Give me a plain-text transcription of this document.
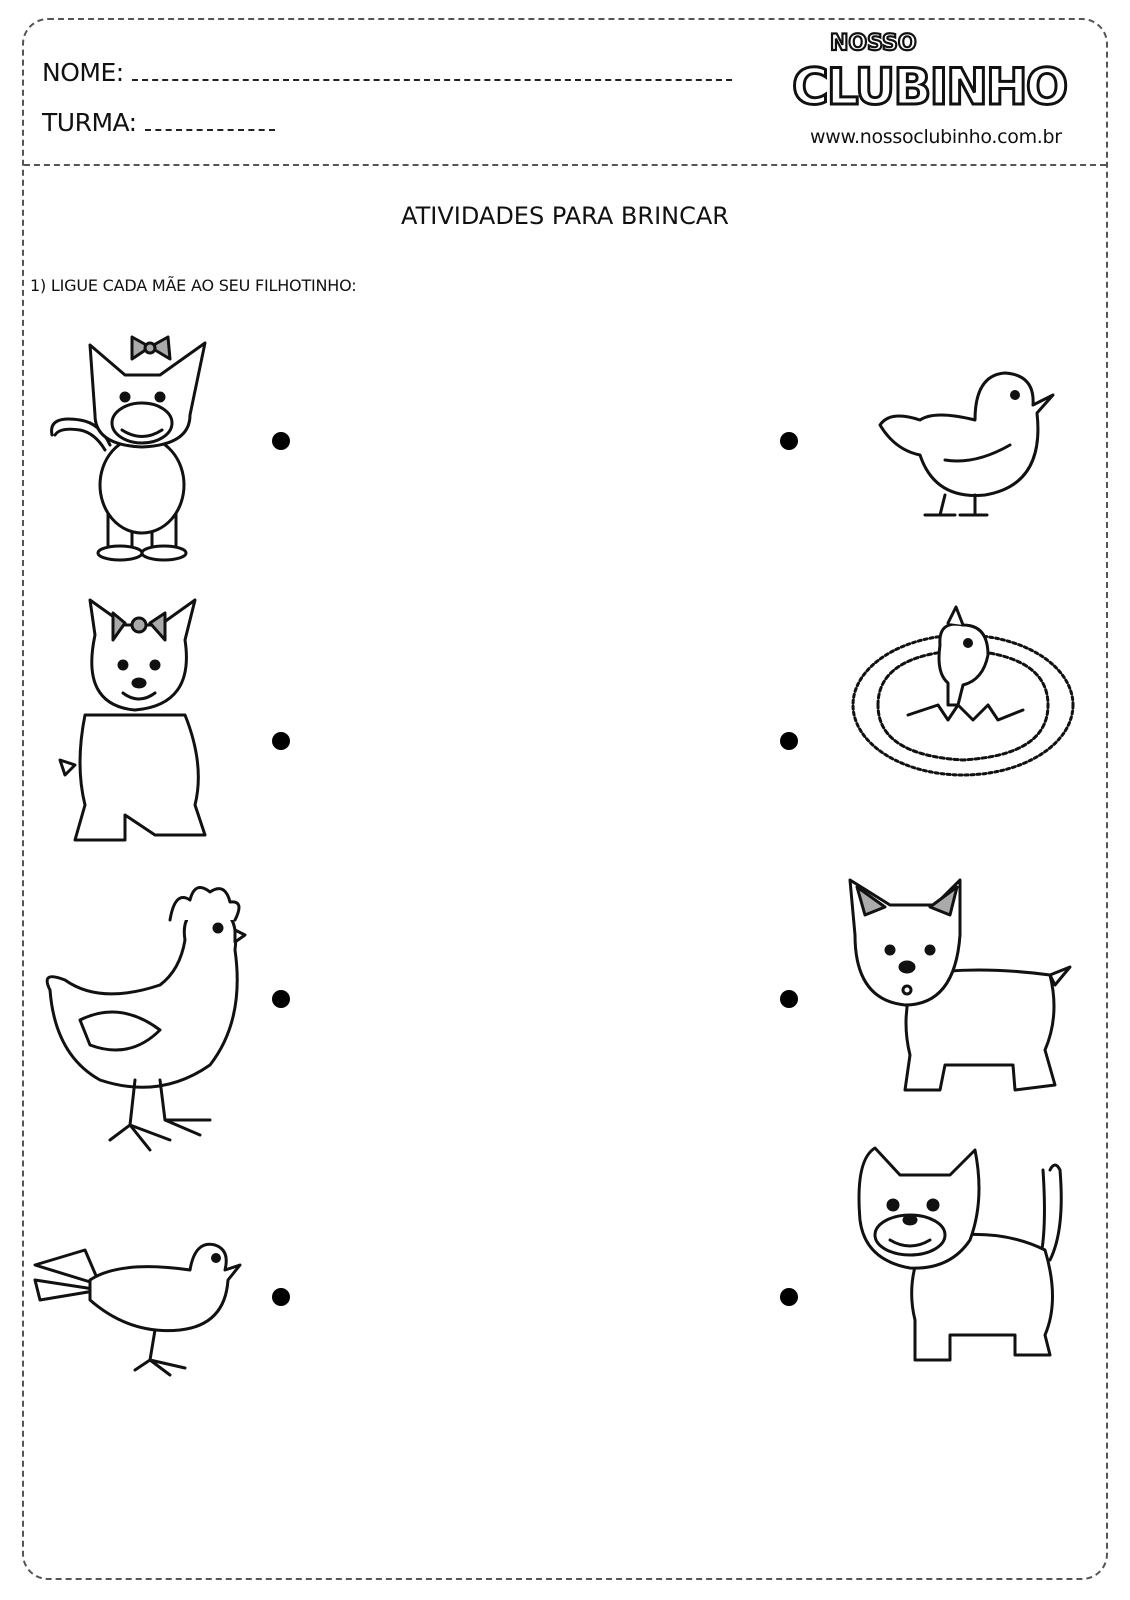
NOME:
TURMA:
NOSSO
CLUBINHO
www.nossoclubinho.com.br
ATIVIDADES PARA BRINCAR
1) LIGUE CADA MÃE AO SEU FILHOTINHO:
